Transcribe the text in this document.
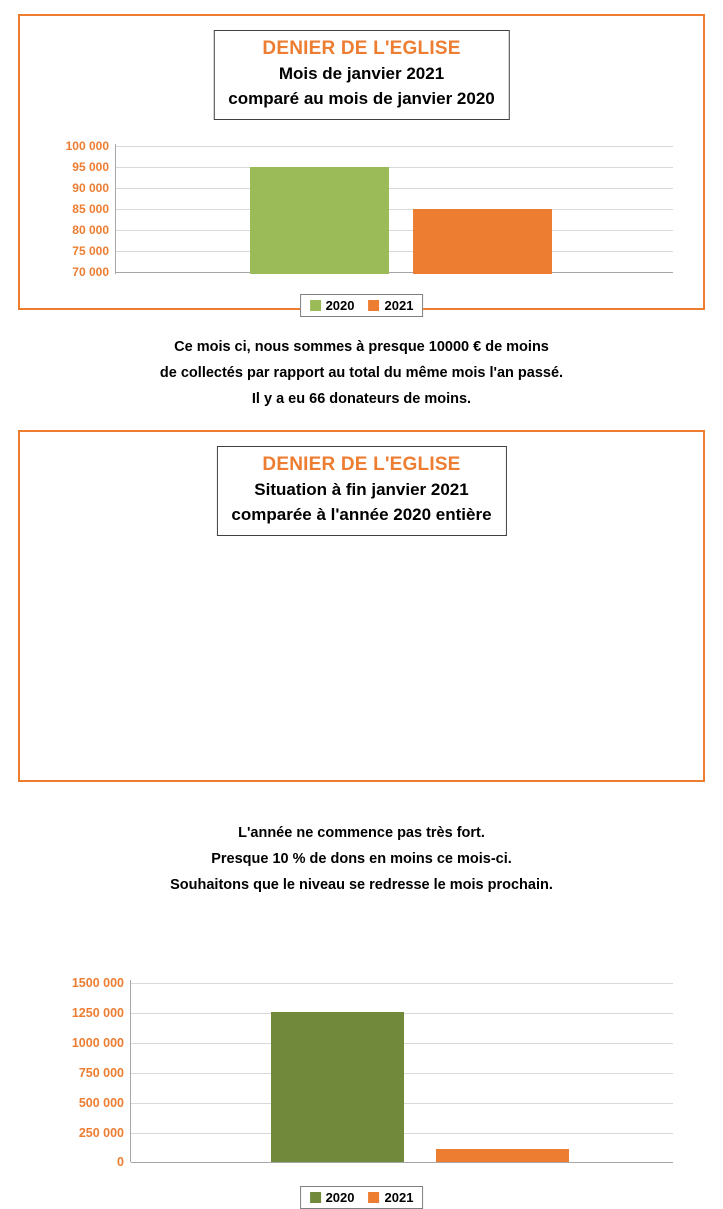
DENIER DE L'EGLISE
Mois de janvier 2021
comparé au mois de janvier 2020
100 000
95 000
90 000
85 000
80 000
75 000
70 000
2020 2021
Ce mois ci, nous sommes à presque 10000 € de moins
de collectés par rapport au total du même mois l'an passé.
Il y a eu 66 donateurs de moins.
DENIER DE L'EGLISE
Situation à fin janvier 2021
comparée à l'année 2020 entière
1500 000
1250 000
1000 000
750 000
500 000
250 000
0
2020 2021
L'année ne commence pas très fort.
Presque 10 % de dons en moins ce mois-ci.
Souhaitons que le niveau se redresse le mois prochain.
